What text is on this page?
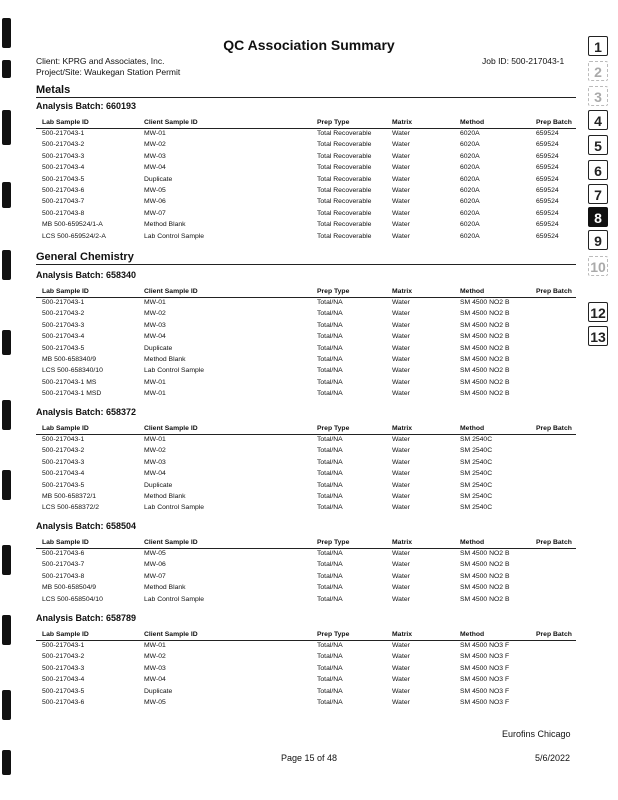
1
2
3
4
5
6
7
8
9
10
12
13
QC Association Summary
Client: KPRG and Associates, Inc.
Project/Site: Waukegan Station Permit
Job ID: 500-217043-1
Metals
Analysis Batch: 660193
Lab Sample ID	Client Sample ID	Prep Type	Matrix	Method	Prep Batch
500-217043-1	MW-01	Total Recoverable	Water	6020A	659524
500-217043-2	MW-02	Total Recoverable	Water	6020A	659524
500-217043-3	MW-03	Total Recoverable	Water	6020A	659524
500-217043-4	MW-04	Total Recoverable	Water	6020A	659524
500-217043-5	Duplicate	Total Recoverable	Water	6020A	659524
500-217043-6	MW-05	Total Recoverable	Water	6020A	659524
500-217043-7	MW-06	Total Recoverable	Water	6020A	659524
500-217043-8	MW-07	Total Recoverable	Water	6020A	659524
MB 500-659524/1-A	Method Blank	Total Recoverable	Water	6020A	659524
LCS 500-659524/2-A	Lab Control Sample	Total Recoverable	Water	6020A	659524
General Chemistry
Analysis Batch: 658340
Lab Sample ID	Client Sample ID	Prep Type	Matrix	Method	Prep Batch
500-217043-1	MW-01	Total/NA	Water	SM 4500 NO2 B
500-217043-2	MW-02	Total/NA	Water	SM 4500 NO2 B
500-217043-3	MW-03	Total/NA	Water	SM 4500 NO2 B
500-217043-4	MW-04	Total/NA	Water	SM 4500 NO2 B
500-217043-5	Duplicate	Total/NA	Water	SM 4500 NO2 B
MB 500-658340/9	Method Blank	Total/NA	Water	SM 4500 NO2 B
LCS 500-658340/10	Lab Control Sample	Total/NA	Water	SM 4500 NO2 B
500-217043-1 MS	MW-01	Total/NA	Water	SM 4500 NO2 B
500-217043-1 MSD	MW-01	Total/NA	Water	SM 4500 NO2 B
Analysis Batch: 658372
Lab Sample ID	Client Sample ID	Prep Type	Matrix	Method	Prep Batch
500-217043-1	MW-01	Total/NA	Water	SM 2540C
500-217043-2	MW-02	Total/NA	Water	SM 2540C
500-217043-3	MW-03	Total/NA	Water	SM 2540C
500-217043-4	MW-04	Total/NA	Water	SM 2540C
500-217043-5	Duplicate	Total/NA	Water	SM 2540C
MB 500-658372/1	Method Blank	Total/NA	Water	SM 2540C
LCS 500-658372/2	Lab Control Sample	Total/NA	Water	SM 2540C
Analysis Batch: 658504
Lab Sample ID	Client Sample ID	Prep Type	Matrix	Method	Prep Batch
500-217043-6	MW-05	Total/NA	Water	SM 4500 NO2 B
500-217043-7	MW-06	Total/NA	Water	SM 4500 NO2 B
500-217043-8	MW-07	Total/NA	Water	SM 4500 NO2 B
MB 500-658504/9	Method Blank	Total/NA	Water	SM 4500 NO2 B
LCS 500-658504/10	Lab Control Sample	Total/NA	Water	SM 4500 NO2 B
Analysis Batch: 658789
Lab Sample ID	Client Sample ID	Prep Type	Matrix	Method	Prep Batch
500-217043-1	MW-01	Total/NA	Water	SM 4500 NO3 F
500-217043-2	MW-02	Total/NA	Water	SM 4500 NO3 F
500-217043-3	MW-03	Total/NA	Water	SM 4500 NO3 F
500-217043-4	MW-04	Total/NA	Water	SM 4500 NO3 F
500-217043-5	Duplicate	Total/NA	Water	SM 4500 NO3 F
500-217043-6	MW-05	Total/NA	Water	SM 4500 NO3 F
Eurofins Chicago
Page 15 of 48	5/6/2022
